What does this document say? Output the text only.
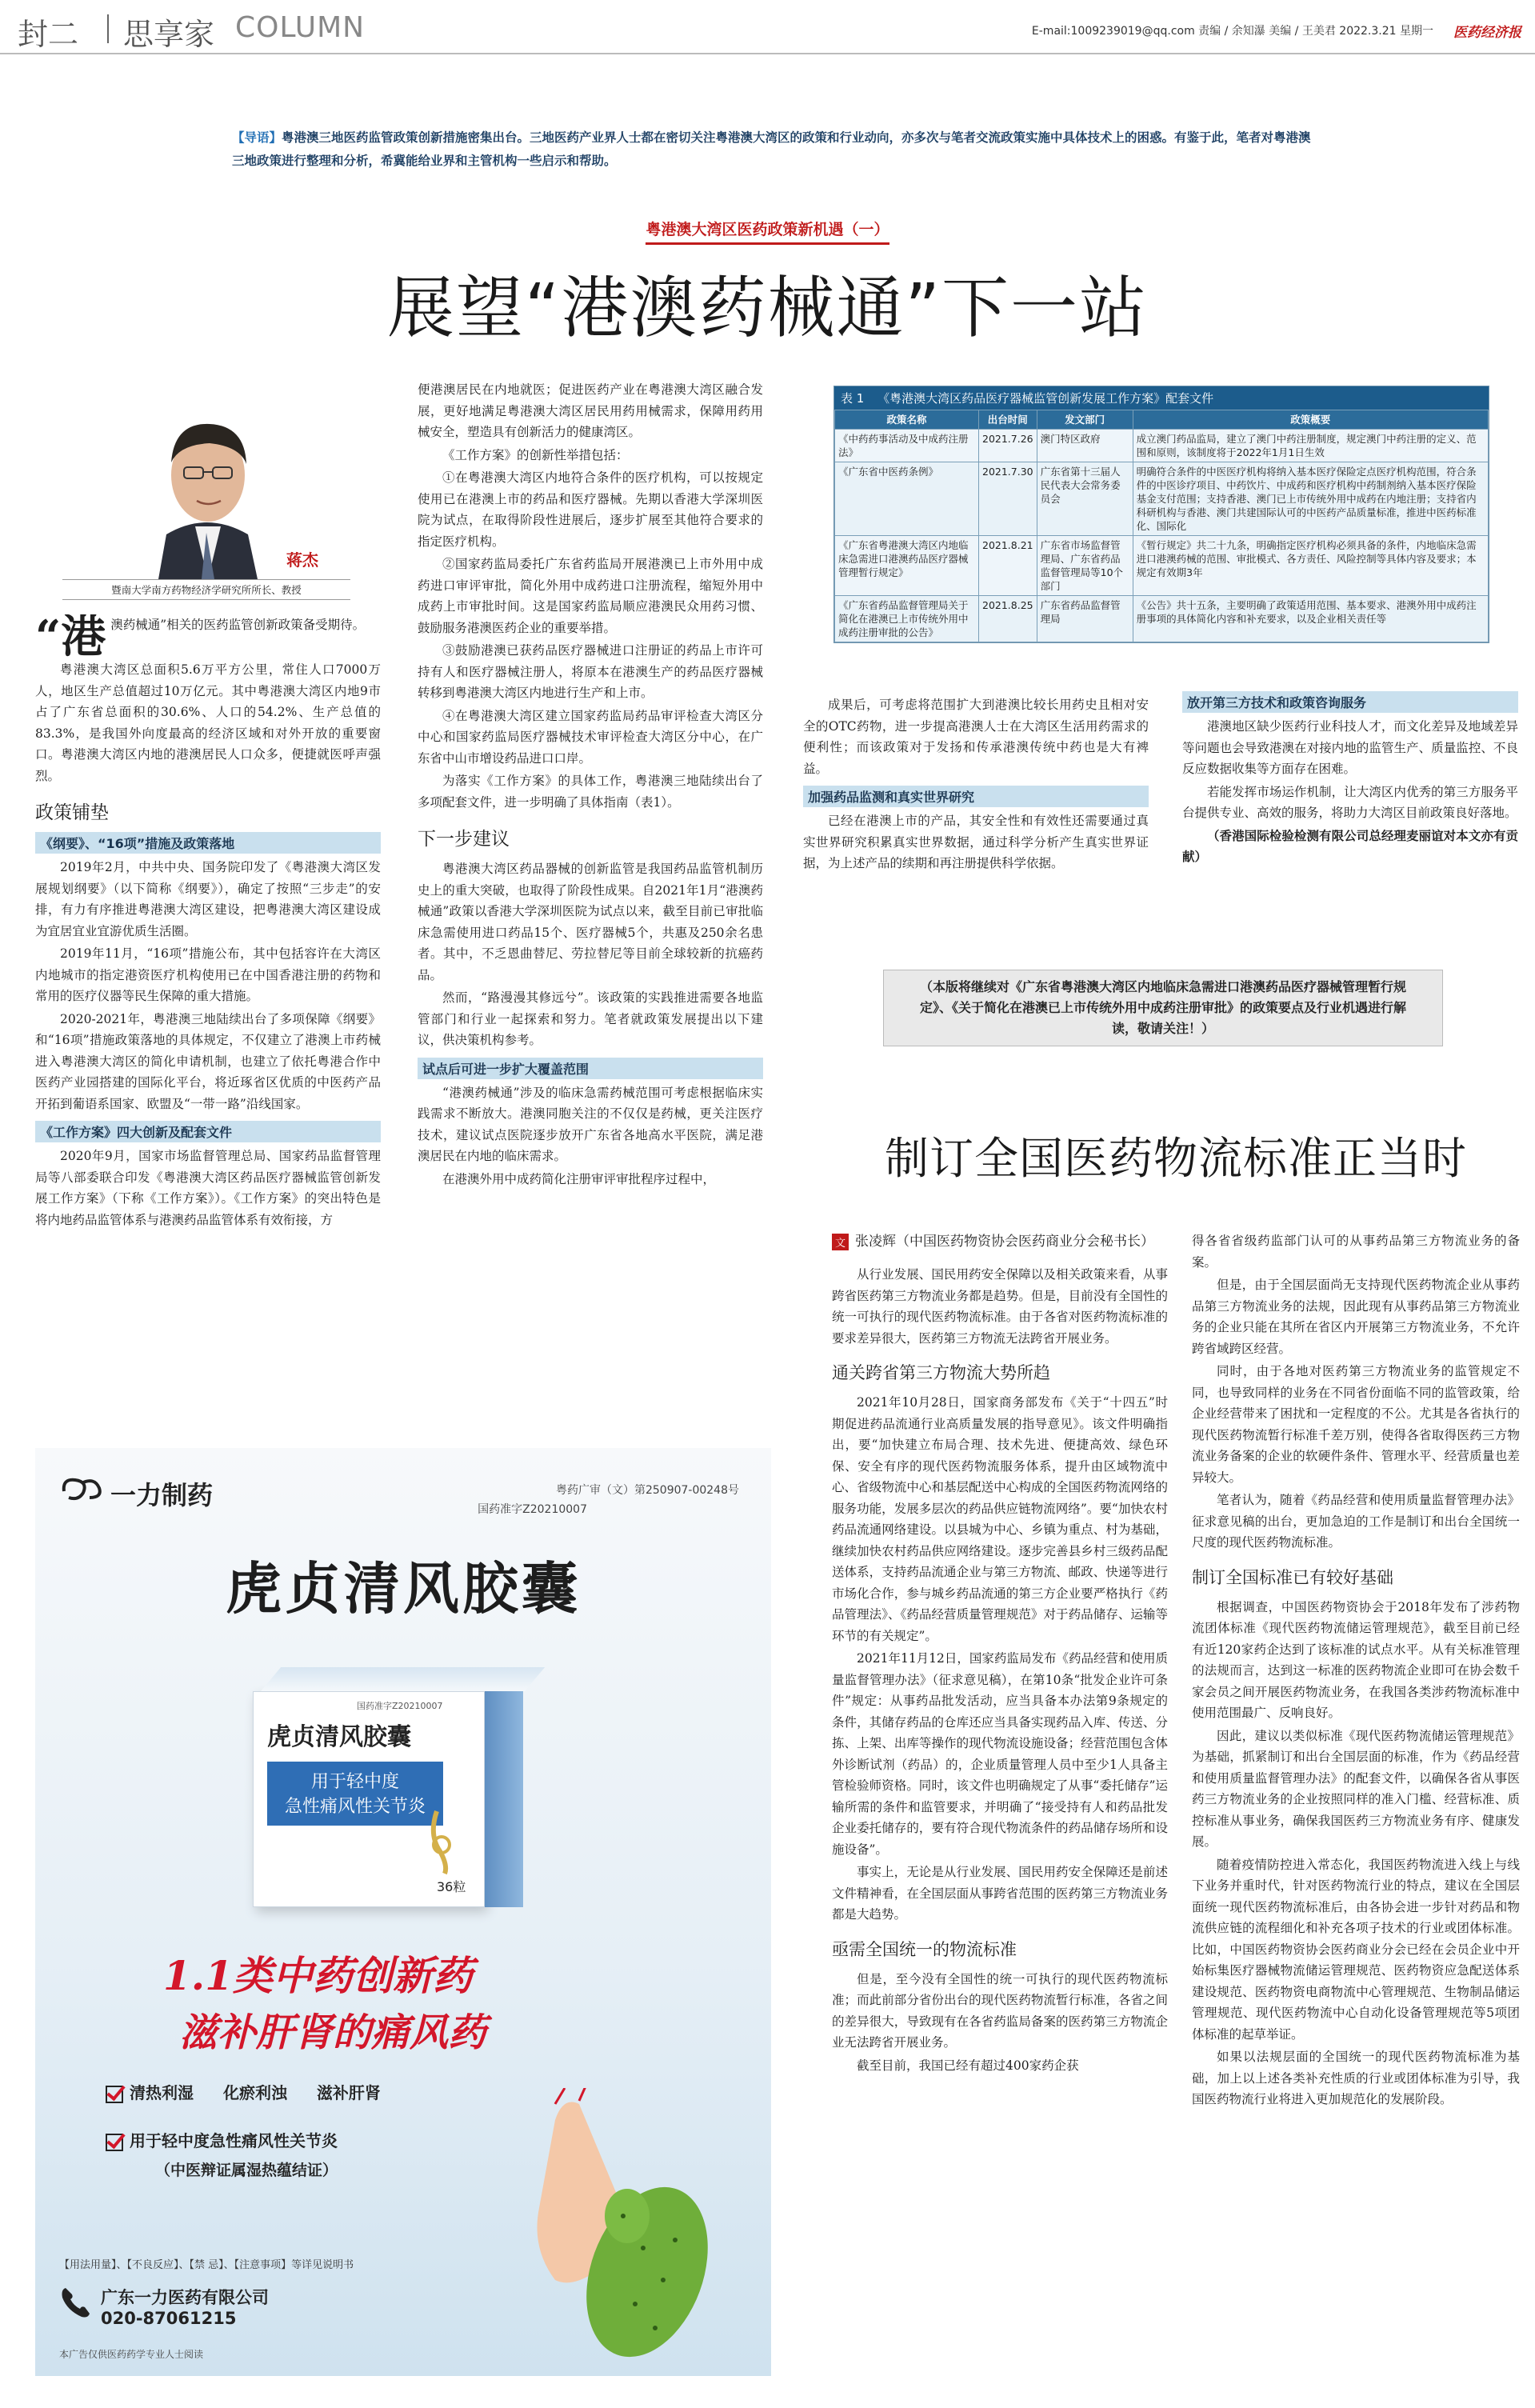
封二 思享家 COLUMN	E-mail:1009239019@qq.com 责编 / 余知瀑 美编 / 王美君 2022.3.21 星期一 医药经济报
【导语】粤港澳三地医药监管政策创新措施密集出台。三地医药产业界人士都在密切关注粤港澳大湾区的政策和行业动向，亦多次与笔者交流政策实施中具体技术上的困惑。有鉴于此，笔者对粤港澳三地政策进行整理和分析，希冀能给业界和主管机构一些启示和帮助。
粤港澳大湾区医药政策新机遇（一）
展望“港澳药械通”下一站
蒋杰
暨南大学南方药物经济学研究所所长、教授
“港 澳药械通”相关的医药监管创新政策备受期待。

粤港澳大湾区总面积5.6万平方公里，常住人口7000万人，地区生产总值超过10万亿元。其中粤港澳大湾区内地9市占了广东省总面积的30.6%、人口的54.2%、生产总值的83.3%，是我国外向度最高的经济区域和对外开放的重要窗口。粤港澳大湾区内地的港澳居民人口众多，便捷就医呼声强烈。

政策铺垫
《纲要》、“16项”措施及政策落地

2019年2月，中共中央、国务院印发了《粤港澳大湾区发展规划纲要》（以下简称《纲要》），确定了按照“三步走”的安排，有力有序推进粤港澳大湾区建设，把粤港澳大湾区建设成为宜居宜业宜游优质生活圈。

2019年11月，“16项”措施公布，其中包括容许在大湾区内地城市的指定港资医疗机构使用已在中国香港注册的药物和常用的医疗仪器等民生保障的重大措施。

2020-2021年，粤港澳三地陆续出台了多项保障《纲要》和“16项”措施政策落地的具体规定，不仅建立了港澳上市药械进入粤港澳大湾区的简化申请机制，也建立了依托粤港合作中医药产业园搭建的国际化平台，将近琢省区优质的中医药产品开拓到葡语系国家、欧盟及“一带一路”沿线国家。

《工作方案》四大创新及配套文件

2020年9月，国家市场监督管理总局、国家药品监督管理局等八部委联合印发《粤港澳大湾区药品医疗器械监管创新发展工作方案》（下称《工作方案》）。《工作方案》的突出特色是将内地药品监管体系与港澳药品监管体系有效衔接，方

便港澳居民在内地就医；促进医药产业在粤港澳大湾区融合发展，更好地满足粤港澳大湾区居民用药用械需求，保障用药用械安全，塑造具有创新活力的健康湾区。

《工作方案》的创新性举措包括：

①在粤港澳大湾区内地符合条件的医疗机构，可以按规定使用已在港澳上市的药品和医疗器械。先期以香港大学深圳医院为试点，在取得阶段性进展后，逐步扩展至其他符合要求的指定医疗机构。

②国家药监局委托广东省药监局开展港澳已上市外用中成药进口审评审批，简化外用中成药进口注册流程，缩短外用中成药上市审批时间。这是国家药监局顺应港澳民众用药习惯、鼓励服务港澳医药企业的重要举措。

③鼓励港澳已获药品医疗器械进口注册证的药品上市许可持有人和医疗器械注册人，将原本在港澳生产的药品医疗器械转移到粤港澳大湾区内地进行生产和上市。

④在粤港澳大湾区建立国家药监局药品审评检查大湾区分中心和国家药监局医疗器械技术审评检查大湾区分中心，在广东省中山市增设药品进口口岸。

为落实《工作方案》的具体工作，粤港澳三地陆续出台了多项配套文件，进一步明确了具体指南（表1）。

下一步建议

粤港澳大湾区药品器械的创新监管是我国药品监管机制历史上的重大突破，也取得了阶段性成果。自2021年1月“港澳药械通”政策以香港大学深圳医院为试点以来，截至目前已审批临床急需使用进口药品15个、医疗器械5个，共惠及250余名患者。其中，不乏恩曲替尼、劳拉替尼等目前全球较新的抗癌药品。

然而，“路漫漫其修远兮”。该政策的实践推进需要各地监管部门和行业一起探索和努力。笔者就政策发展提出以下建议，供决策机构参考。

试点后可进一步扩大覆盖范围

“港澳药械通”涉及的临床急需药械范围可考虑根据临床实践需求不断放大。港澳同胞关注的不仅仅是药械，更关注医疗技术，建议试点医院逐步放开广东省各地高水平医院，满足港澳居民在内地的临床需求。

在港澳外用中成药简化注册审评审批程序过程中，

表 1 《粤港澳大湾区药品医疗器械监管创新发展工作方案》配套文件
政策名称	出台时间	发文部门	政策概要
《中药药事活动及中成药注册法》	2021.7.26	澳门特区政府	成立澳门药品监局，建立了澳门中药注册制度，规定澳门中药注册的定义、范围和原则，该制度将于2022年1月1日生效
《广东省中医药条例》	2021.7.30	广东省第十三届人民代表大会常务委员会	明确符合条件的中医医疗机构将纳入基本医疗保险定点医疗机构范围，符合条件的中医诊疗项目、中药饮片、中成药和医疗机构中药制剂纳入基本医疗保险基金支付范围；支持香港、澳门已上市传统外用中成药在内地注册；支持省内科研机构与香港、澳门共建国际认可的中医药产品质量标准，推进中医药标准化、国际化
《广东省粤港澳大湾区内地临床急需进口港澳药品医疗器械管理暂行规定》	2021.8.21	广东省市场监督管理局、广东省药品监督管理局等10个部门	《暂行规定》共二十九条，明确指定医疗机构必须具备的条件，内地临床急需进口港澳药械的范围、审批模式、各方责任、风险控制等具体内容及要求；本规定有效期3年
《广东省药品监督管理局关于简化在港澳已上市传统外用中成药注册审批的公告》	2021.8.25	广东省药品监督管理局	《公告》共十五条，主要明确了政策适用范围、基本要求、港澳外用中成药注册事项的具体简化内容和补充要求，以及企业相关责任等

成果后，可考虑将范围扩大到港澳比较长用药史且相对安全的OTC药物，进一步提高港澳人士在大湾区生活用药需求的便利性；而该政策对于发扬和传承港澳传统中药也是大有裨益。

加强药品监测和真实世界研究

已经在港澳上市的产品，其安全性和有效性还需要通过真实世界研究积累真实世界数据，通过科学分析产生真实世界证据，为上述产品的续期和再注册提供科学依据。

放开第三方技术和政策咨询服务

港澳地区缺少医药行业科技人才，而文化差异及地域差异等问题也会导致港澳在对接内地的监管生产、质量监控、不良反应数据收集等方面存在困难。

若能发挥市场运作机制，让大湾区内优秀的第三方服务平台提供专业、高效的服务，将助力大湾区目前政策良好落地。

（香港国际检验检测有限公司总经理麦丽谊对本文亦有贡献）

（本版将继续对《广东省粤港澳大湾区内地临床急需进口港澳药品医疗器械管理暂行规定》、《关于简化在港澳已上市传统外用中成药注册审批》的政策要点及行业机遇进行解读，敬请关注！）
制订全国医药物流标准正当时
文 张凌辉（中国医药物资协会医药商业分会秘书长）

从行业发展、国民用药安全保障以及相关政策来看，从事跨省医药第三方物流业务都是趋势。但是，目前没有全国性的统一可执行的现代医药物流标准。由于各省对医药物流标准的要求差异很大，医药第三方物流无法跨省开展业务。

通关跨省第三方物流大势所趋

2021年10月28日，国家商务部发布《关于“十四五”时期促进药品流通行业高质量发展的指导意见》。该文件明确指出，要“加快建立布局合理、技术先进、便捷高效、绿色环保、安全有序的现代医药物流服务体系，提升由区域物流中心、省级物流中心和基层配送中心构成的全国医药物流网络的服务功能，发展多层次的药品供应链物流网络”。要“加快农村药品流通网络建设。以县城为中心、乡镇为重点、村为基础，继续加快农村药品供应网络建设。逐步完善县乡村三级药品配送体系，支持药品流通企业与第三方物流、邮政、快递等进行市场化合作，参与城乡药品流通的第三方企业要严格执行《药品管理法》、《药品经营质量管理规范》对于药品储存、运输等环节的有关规定”。

2021年11月12日，国家药监局发布《药品经营和使用质量监督管理办法》（征求意见稿），在第10条“批发企业许可条件”规定：从事药品批发活动，应当具备本办法第9条规定的条件，其储存药品的仓库还应当具备实现药品入库、传送、分拣、上架、出库等操作的现代物流设施设备；经营范围包含体外诊断试剂（药品）的，企业质量管理人员中至少1人具备主管检验师资格。同时，该文件也明确规定了从事“委托储存”运输所需的条件和监管要求，并明确了“接受持有人和药品批发企业委托储存的，要有符合现代物流条件的药品储存场所和设施设备”。

事实上，无论是从行业发展、国民用药安全保障还是前述文件精神看，在全国层面从事跨省范围的医药第三方物流业务都是大趋势。

亟需全国统一的物流标准

但是，至今没有全国性的统一可执行的现代医药物流标准；而此前部分省份出台的现代医药物流暂行标准，各省之间的差异很大，导致现有在各省药监局备案的医药第三方物流企业无法跨省开展业务。

截至目前，我国已经有超过400家药企获

得各省省级药监部门认可的从事药品第三方物流业务的备案。

但是，由于全国层面尚无支持现代医药物流企业从事药品第三方物流业务的法规，因此现有从事药品第三方物流业务的企业只能在其所在省区内开展第三方物流业务，不允许跨省域跨区经营。

同时，由于各地对医药第三方物流业务的监管规定不同，也导致同样的业务在不同省份面临不同的监管政策，给企业经营带来了困扰和一定程度的不公。尤其是各省执行的现代医药物流暂行标准千差万别，使得各省取得医药三方物流业务备案的企业的软硬件条件、管理水平、经营质量也差异较大。

笔者认为，随着《药品经营和使用质量监督管理办法》征求意见稿的出台，更加急迫的工作是制订和出台全国统一尺度的现代医药物流标准。

制订全国标准已有较好基础

根据调查，中国医药物资协会于2018年发布了涉药物流团体标准《现代医药物流储运管理规范》，截至目前已经有近120家药企达到了该标准的试点水平。从有关标准管理的法规而言，达到这一标准的医药物流企业即可在协会数千家会员之间开展医药物流业务，在我国各类涉药物流标准中使用范围最广、反响良好。

因此，建议以类似标准《现代医药物流储运管理规范》为基础，抓紧制订和出台全国层面的标准，作为《药品经营和使用质量监督管理办法》的配套文件，以确保各省从事医药三方物流业务的企业按照同样的准入门槛、经营标准、质控标准从事业务，确保我国医药三方物流业务有序、健康发展。

随着疫情防控进入常态化，我国医药物流进入线上与线下业务并重时代，针对医药物流行业的特点，建议在全国层面统一现代医药物流标准后，由各协会进一步针对药品和物流供应链的流程细化和补充各项子技术的行业或团体标准。比如，中国医药物资协会医药商业分会已经在会员企业中开始标集医疗器械物流储运管理规范、医药物资应急配送体系建设规范、医药物资电商物流中心管理规范、生物制品储运管理规范、现代医药物流中心自动化设备管理规范等5项团体标准的起草举证。

如果以法规层面的全国统一的现代医药物流标准为基础，加上以上述各类补充性质的行业或团体标准为引导，我国医药物流行业将进入更加规范化的发展阶段。

一力制药	粤药广审（文）第250907-00248号
国药准字Z20210007
虎贞清风胶囊
国药准字Z20210007
虎贞清风胶囊
用于轻中度
急性痛风性关节炎
36粒
1.1类中药创新药
滋补肝肾的痛风药
清热利湿 化瘀利浊 滋补肝肾
用于轻中度急性痛风性关节炎
（中医辩证属湿热蕴结证）
【用法用量】、【不良反应】、【禁 忌】、【注意事项】等详见说明书
广东一力医药有限公司
020-87061215
本广告仅供医药药学专业人士阅读
